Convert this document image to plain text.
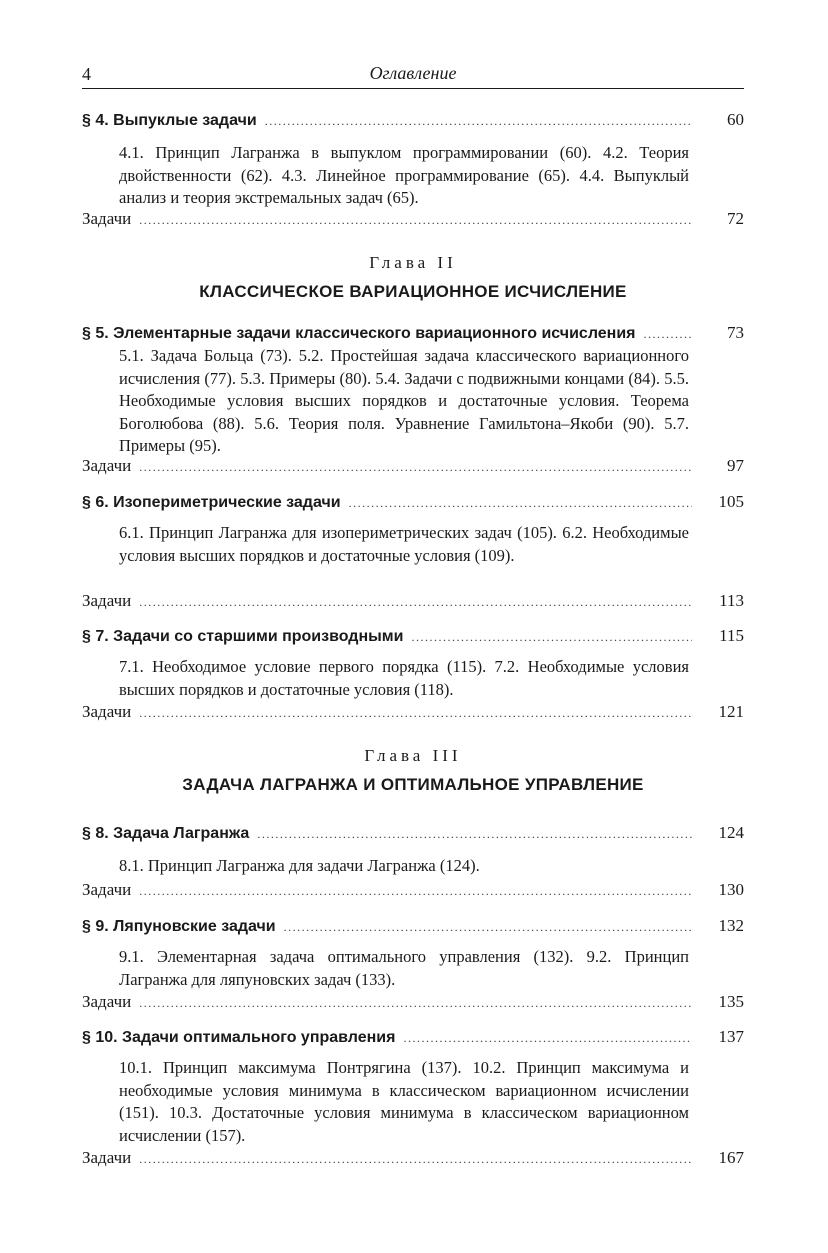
4	Оглавление
§ 4. Выпуклые задачи .....	60
4.1. Принцип Лагранжа в выпуклом программировании (60). 4.2. Теория двойственности (62). 4.3. Линейное программирование (65). 4.4. Выпуклый анализ и теория экстремальных задач (65).
Задачи .....	72
Глава II
КЛАССИЧЕСКОЕ ВАРИАЦИОННОЕ ИСЧИСЛЕНИЕ
§ 5. Элементарные задачи классического вариационного исчисления .....	73
5.1. Задача Больца (73). 5.2. Простейшая задача классического вариационного исчисления (77). 5.3. Примеры (80). 5.4. Задачи с подвижными концами (84). 5.5. Необходимые условия высших порядков и достаточные условия. Теорема Боголюбова (88). 5.6. Теория поля. Уравнение Гамильтона–Якоби (90). 5.7. Примеры (95).
Задачи .....	97
§ 6. Изопериметрические задачи .....	105
6.1. Принцип Лагранжа для изопериметрических задач (105). 6.2. Необходимые условия высших порядков и достаточные условия (109).
Задачи .....	113
§ 7. Задачи со старшими производными .....	115
7.1. Необходимое условие первого порядка (115). 7.2. Необходимые условия высших порядков и достаточные условия (118).
Задачи .....	121
Глава III
ЗАДАЧА ЛАГРАНЖА И ОПТИМАЛЬНОЕ УПРАВЛЕНИЕ
§ 8. Задача Лагранжа .....	124
8.1. Принцип Лагранжа для задачи Лагранжа (124).
Задачи .....	130
§ 9. Ляпуновские задачи .....	132
9.1. Элементарная задача оптимального управления (132). 9.2. Принцип Лагранжа для ляпуновских задач (133).
Задачи .....	135
§ 10. Задачи оптимального управления .....	137
10.1. Принцип максимума Понтрягина (137). 10.2. Принцип максимума и необходимые условия минимума в классическом вариационном исчислении (151). 10.3. Достаточные условия минимума в классическом вариационном исчислении (157).
Задачи .....	167
